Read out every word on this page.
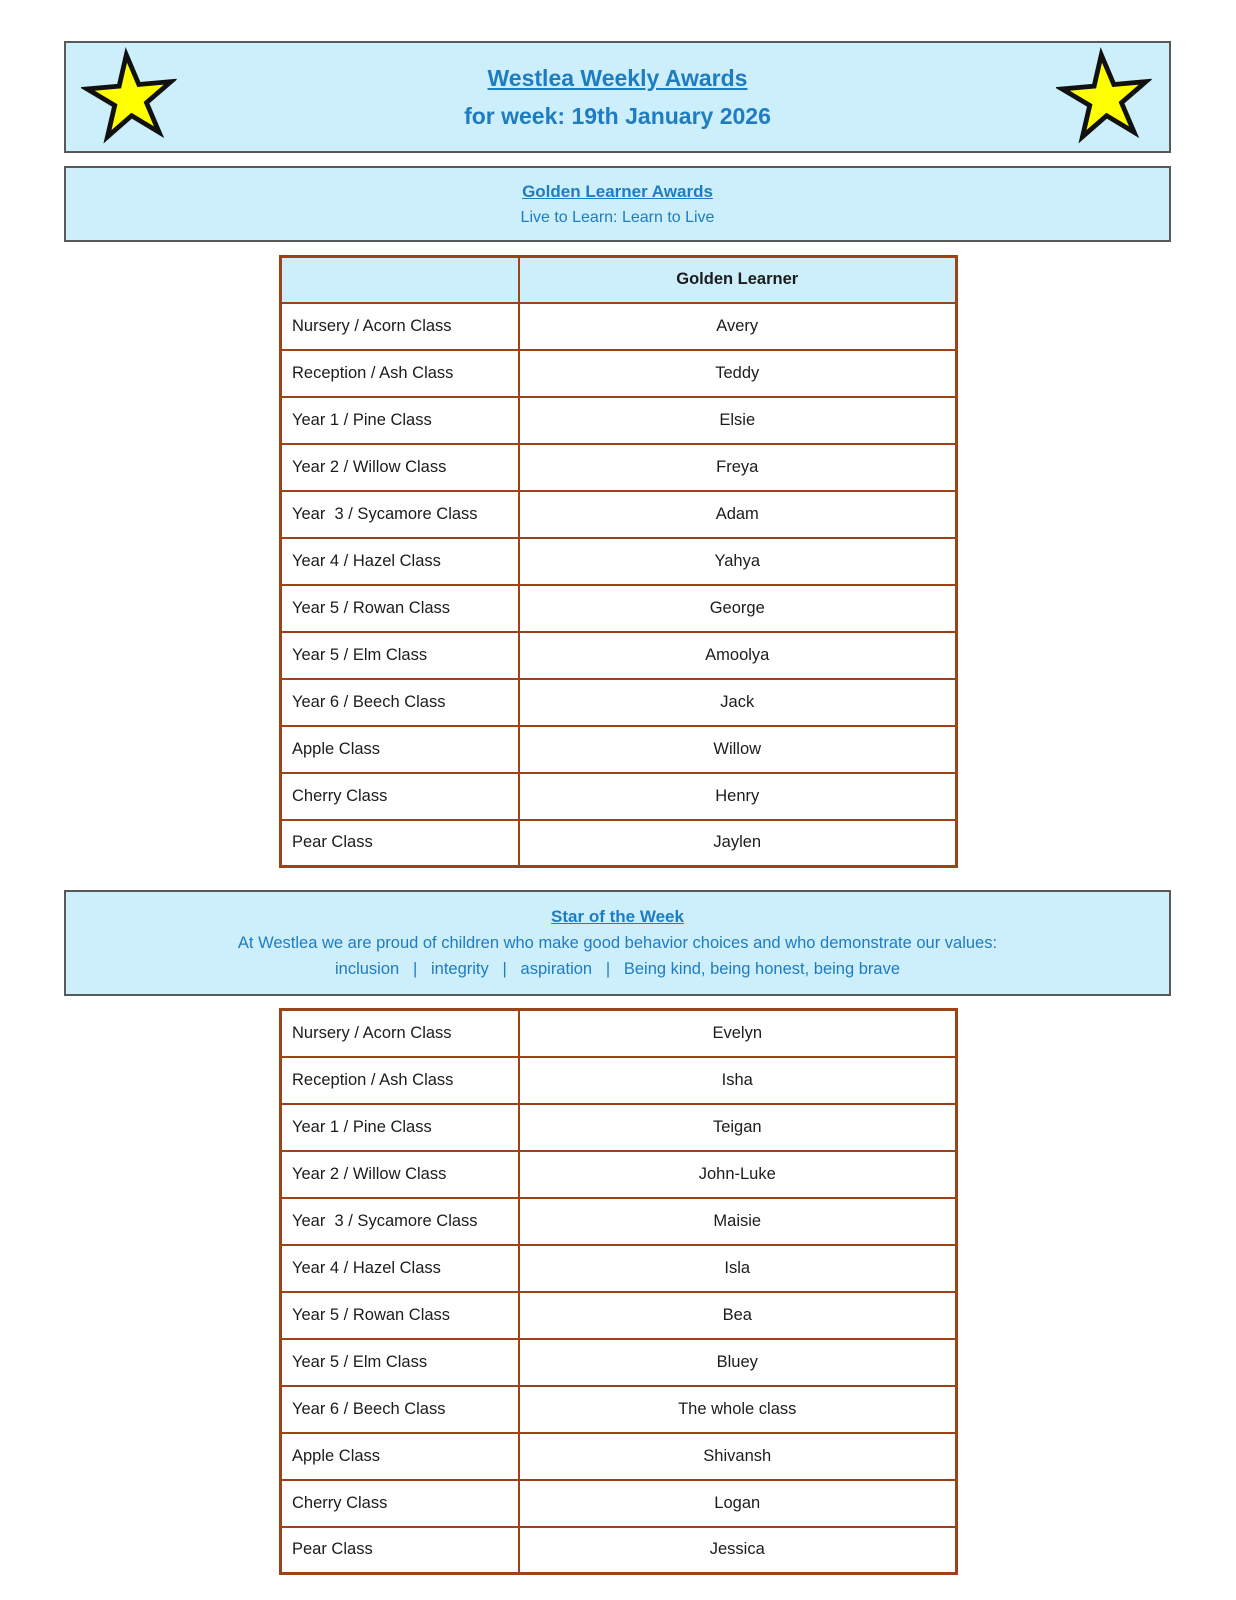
Westlea Weekly Awards
for week: 19th January 2026
Golden Learner Awards
Live to Learn: Learn to Live
	Golden Learner
Nursery / Acorn Class	Avery
Reception / Ash Class	Teddy
Year 1 / Pine Class	Elsie
Year 2 / Willow Class	Freya
Year  3 / Sycamore Class	Adam
Year 4 / Hazel Class	Yahya
Year 5 / Rowan Class	George
Year 5 / Elm Class	Amoolya
Year 6 / Beech Class	Jack
Apple Class	Willow
Cherry Class	Henry
Pear Class	Jaylen
Star of the Week
At Westlea we are proud of children who make good behavior choices and who demonstrate our values:
inclusion   |   integrity   |   aspiration   |   Being kind, being honest, being brave
Nursery / Acorn Class	Evelyn
Reception / Ash Class	Isha
Year 1 / Pine Class	Teigan
Year 2 / Willow Class	John-Luke
Year  3 / Sycamore Class	Maisie
Year 4 / Hazel Class	Isla
Year 5 / Rowan Class	Bea
Year 5 / Elm Class	Bluey
Year 6 / Beech Class	The whole class
Apple Class	Shivansh
Cherry Class	Logan
Pear Class	Jessica
